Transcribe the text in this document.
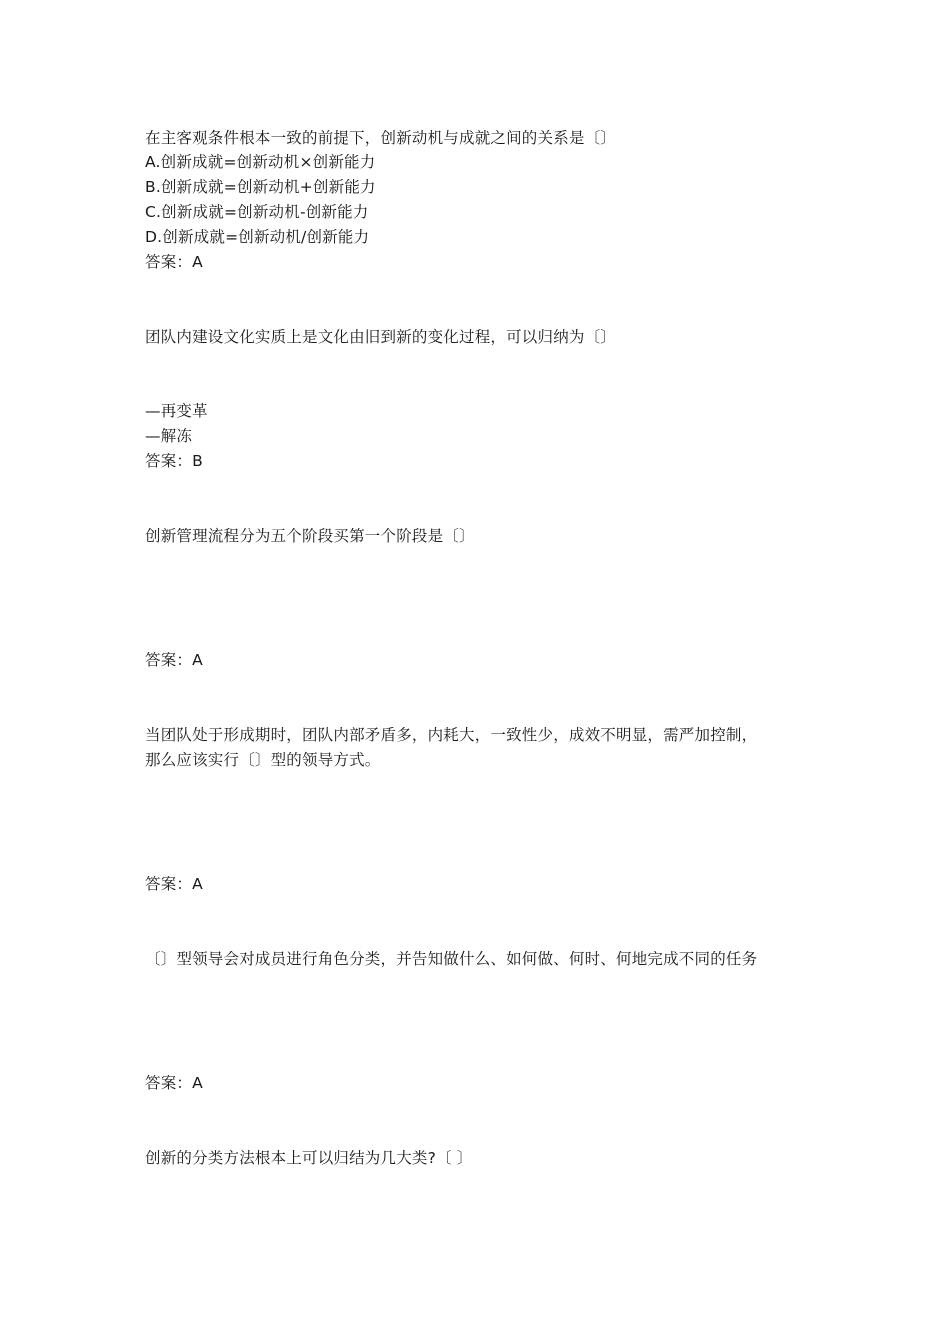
在主客观条件根本一致的前提下，创新动机与成就之间的关系是〔〕
A.创新成就=创新动机×创新能力
B.创新成就=创新动机+创新能力
C.创新成就=创新动机-创新能力
D.创新成就=创新动机/创新能力
答案：A
团队内建设文化实质上是文化由旧到新的变化过程，可以归纳为〔〕
—再变革
—解冻
答案：B
创新管理流程分为五个阶段买第一个阶段是〔〕
答案：A
当团队处于形成期时，团队内部矛盾多，内耗大，一致性少，成效不明显，需严加控制，
那么应该实行〔〕型的领导方式。
答案：A
〔〕型领导会对成员进行角色分类，并告知做什么、如何做、何时、何地完成不同的任务
答案：A
创新的分类方法根本上可以归结为几大类?〔 〕
